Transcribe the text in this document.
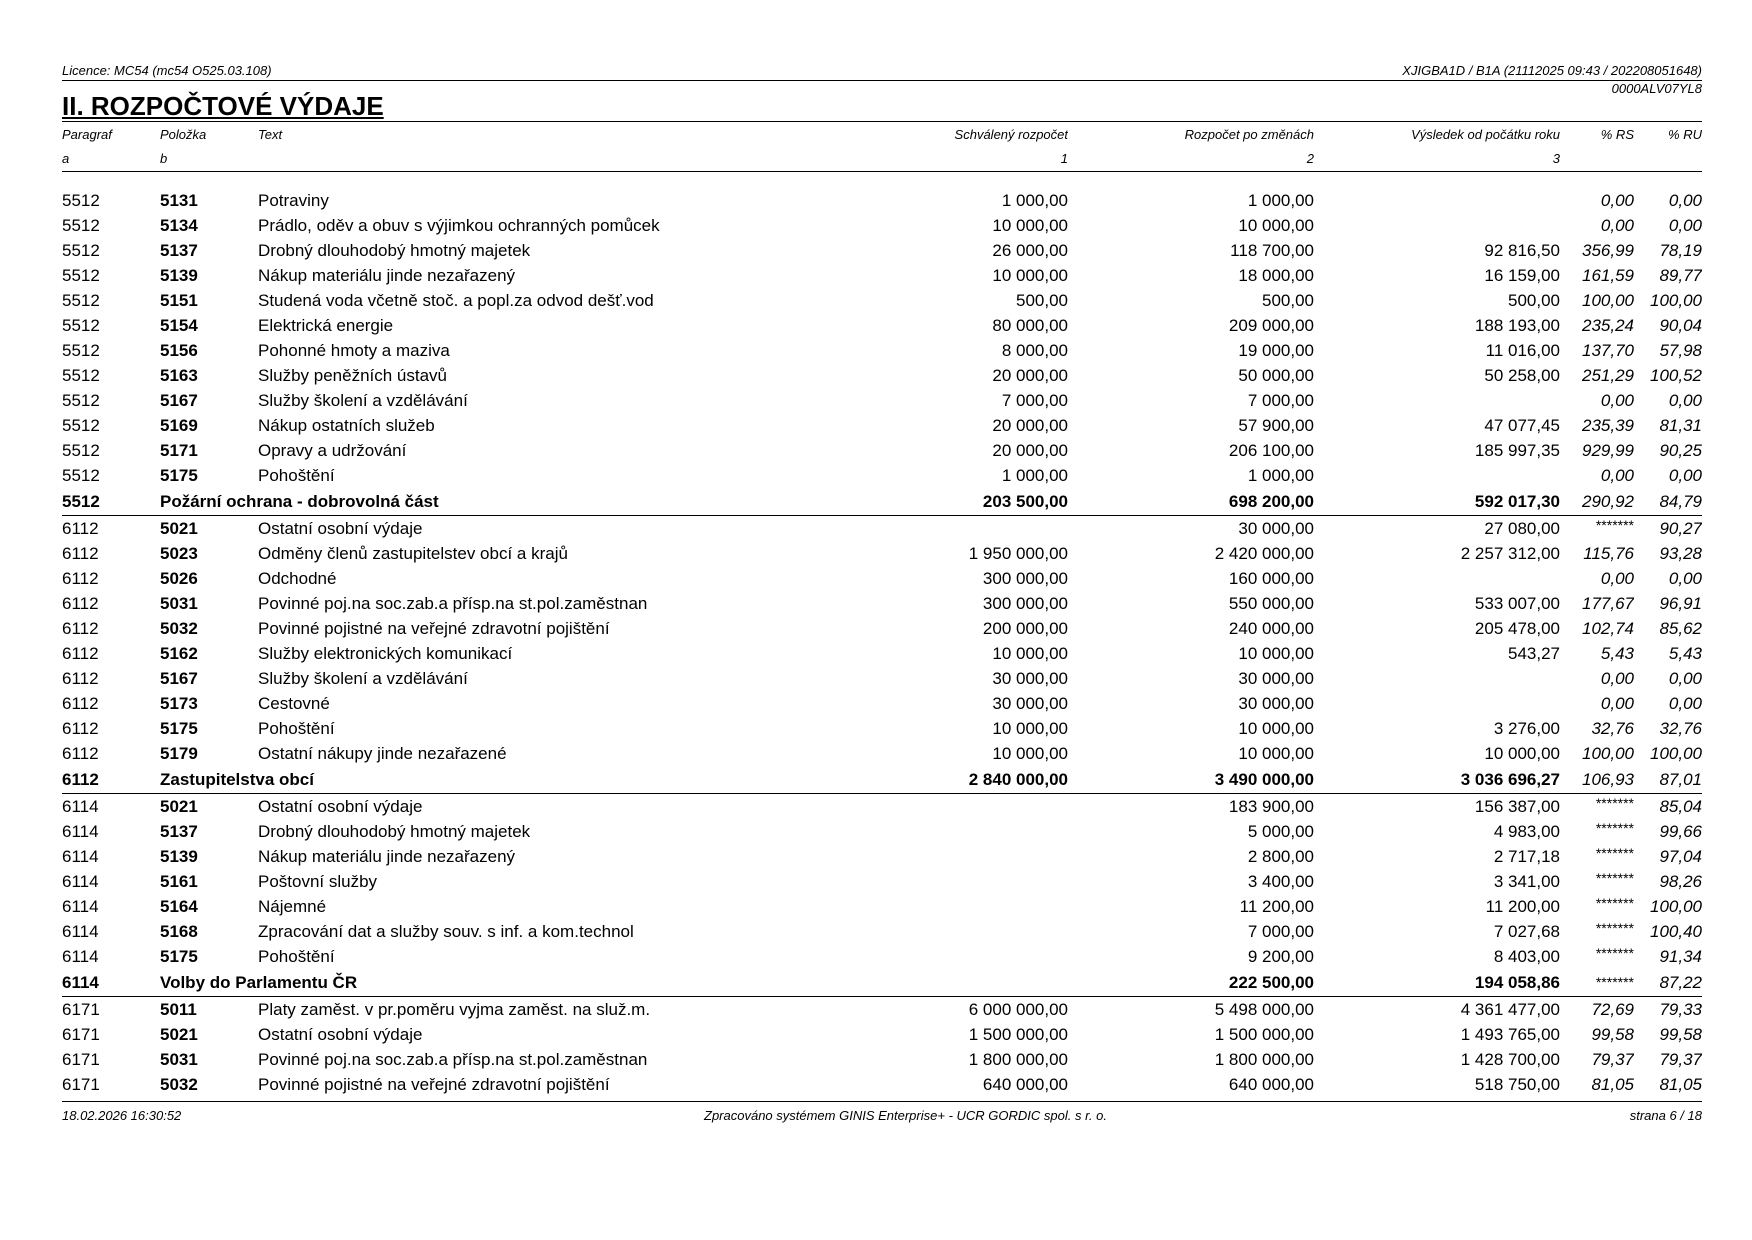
Licence: MC54 (mc54 O525.03.108)	XJIGBA1D / B1A (21112025 09:43 / 202208051648)
0000ALV07YL8
II. ROZPOČTOVÉ VÝDAJE
Paragraf	Položka	Text	Schválený rozpočet	Rozpočet po změnách	Výsledek od počátku roku	% RS	% RU
a	b		1	2	3		
5512	5131	Potraviny	1 000,00	1 000,00		0,00	0,00
5512	5134	Prádlo, oděv a obuv s výjimkou ochranných pomůcek	10 000,00	10 000,00		0,00	0,00
5512	5137	Drobný dlouhodobý hmotný majetek	26 000,00	118 700,00	92 816,50	356,99	78,19
5512	5139	Nákup materiálu jinde nezařazený	10 000,00	18 000,00	16 159,00	161,59	89,77
5512	5151	Studená voda včetně stoč. a popl.za odvod dešť.vod	500,00	500,00	500,00	100,00	100,00
5512	5154	Elektrická energie	80 000,00	209 000,00	188 193,00	235,24	90,04
5512	5156	Pohonné hmoty a maziva	8 000,00	19 000,00	11 016,00	137,70	57,98
5512	5163	Služby peněžních ústavů	20 000,00	50 000,00	50 258,00	251,29	100,52
5512	5167	Služby školení a vzdělávání	7 000,00	7 000,00		0,00	0,00
5512	5169	Nákup ostatních služeb	20 000,00	57 900,00	47 077,45	235,39	81,31
5512	5171	Opravy a udržování	20 000,00	206 100,00	185 997,35	929,99	90,25
5512	5175	Pohoštění	1 000,00	1 000,00		0,00	0,00
5512	Požární ochrana - dobrovolná část		203 500,00	698 200,00	592 017,30	290,92	84,79
6112	5021	Ostatní osobní výdaje		30 000,00	27 080,00	*******	90,27
6112	5023	Odměny členů zastupitelstev obcí a krajů	1 950 000,00	2 420 000,00	2 257 312,00	115,76	93,28
6112	5026	Odchodné	300 000,00	160 000,00		0,00	0,00
6112	5031	Povinné poj.na soc.zab.a přísp.na st.pol.zaměstnan	300 000,00	550 000,00	533 007,00	177,67	96,91
6112	5032	Povinné pojistné na veřejné zdravotní pojištění	200 000,00	240 000,00	205 478,00	102,74	85,62
6112	5162	Služby elektronických komunikací	10 000,00	10 000,00	543,27	5,43	5,43
6112	5167	Služby školení a vzdělávání	30 000,00	30 000,00		0,00	0,00
6112	5173	Cestovné	30 000,00	30 000,00		0,00	0,00
6112	5175	Pohoštění	10 000,00	10 000,00	3 276,00	32,76	32,76
6112	5179	Ostatní nákupy jinde nezařazené	10 000,00	10 000,00	10 000,00	100,00	100,00
6112	Zastupitelstva obcí		2 840 000,00	3 490 000,00	3 036 696,27	106,93	87,01
6114	5021	Ostatní osobní výdaje		183 900,00	156 387,00	*******	85,04
6114	5137	Drobný dlouhodobý hmotný majetek		5 000,00	4 983,00	*******	99,66
6114	5139	Nákup materiálu jinde nezařazený		2 800,00	2 717,18	*******	97,04
6114	5161	Poštovní služby		3 400,00	3 341,00	*******	98,26
6114	5164	Nájemné		11 200,00	11 200,00	*******	100,00
6114	5168	Zpracování dat a služby souv. s inf. a kom.technol		7 000,00	7 027,68	*******	100,40
6114	5175	Pohoštění		9 200,00	8 403,00	*******	91,34
6114	Volby do Parlamentu ČR			222 500,00	194 058,86	*******	87,22
6171	5011	Platy zaměst. v pr.poměru vyjma zaměst. na služ.m.	6 000 000,00	5 498 000,00	4 361 477,00	72,69	79,33
6171	5021	Ostatní osobní výdaje	1 500 000,00	1 500 000,00	1 493 765,00	99,58	99,58
6171	5031	Povinné poj.na soc.zab.a přísp.na st.pol.zaměstnan	1 800 000,00	1 800 000,00	1 428 700,00	79,37	79,37
6171	5032	Povinné pojistné na veřejné zdravotní pojištění	640 000,00	640 000,00	518 750,00	81,05	81,05
18.02.2026 16:30:52	Zpracováno systémem GINIS Enterprise+ - UCR GORDIC spol. s r. o.	strana 6 / 18
